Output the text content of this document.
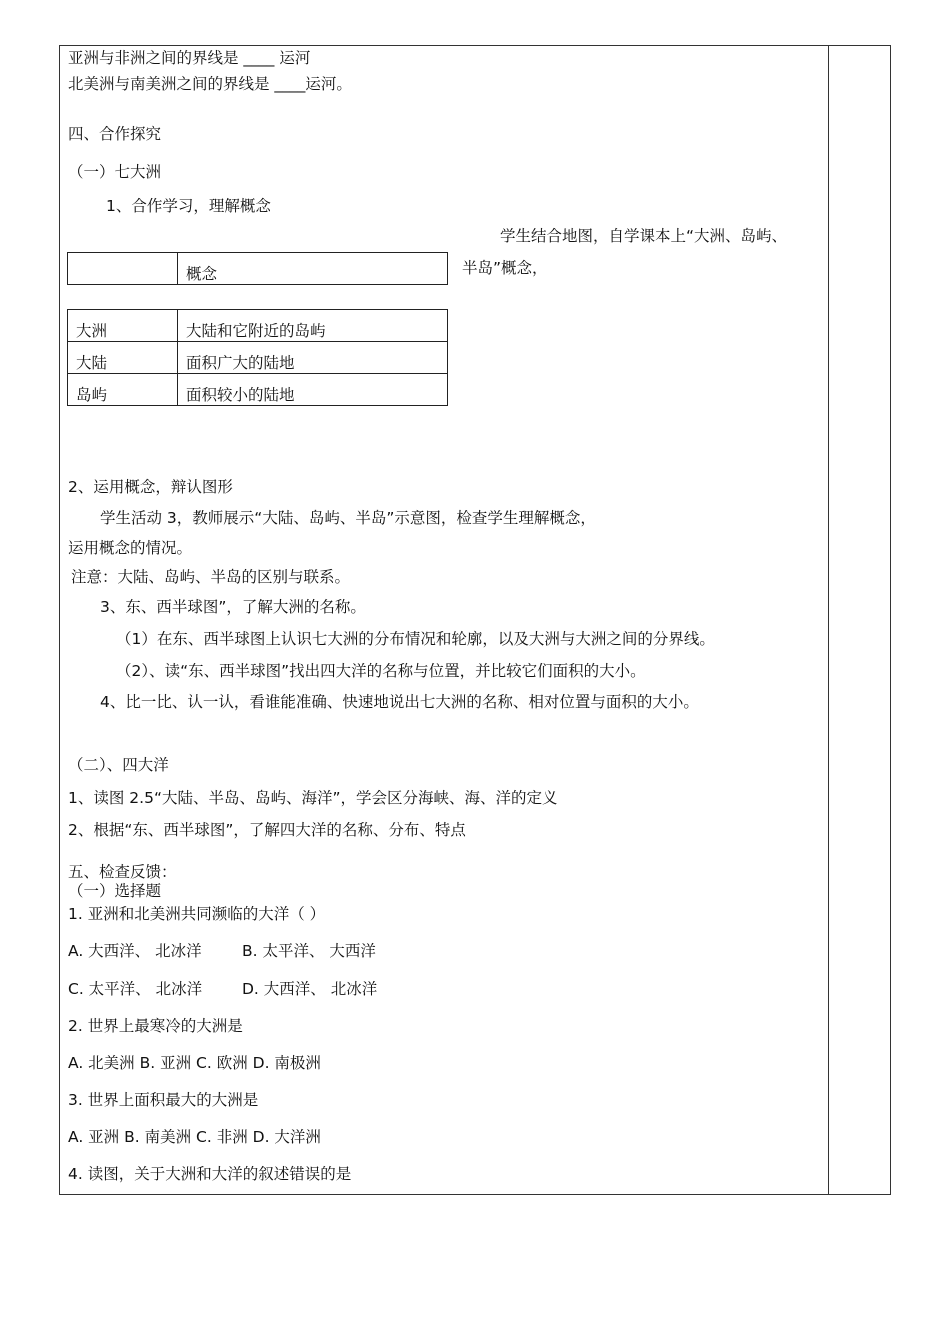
亚洲与非洲之间的界线是 ____ 运河
北美洲与南美洲之间的界线是 ____运河。
四、合作探究
（一）七大洲
1、合作学习，理解概念
学生结合地图，自学课本上“大洲、岛屿、
半岛”概念，
	概念
大洲	大陆和它附近的岛屿
大陆	面积广大的陆地
岛屿	面积较小的陆地
2、运用概念，辩认图形
学生活动 3，教师展示“大陆、岛屿、半岛”示意图，检查学生理解概念，
运用概念的情况。
注意：大陆、岛屿、半岛的区别与联系。
3、东、西半球图”，了解大洲的名称。
（1）在东、西半球图上认识七大洲的分布情况和轮廓，以及大洲与大洲之间的分界线。
（2）、读“东、西半球图”找出四大洋的名称与位置，并比较它们面积的大小。
4、比一比、认一认，看谁能准确、快速地说出七大洲的名称、相对位置与面积的大小。
（二）、四大洋
1、读图 2.5“大陆、半岛、岛屿、海洋”，学会区分海峡、海、洋的定义
2、根据“东、西半球图”，了解四大洋的名称、分布、特点
五、检查反馈：
（一）选择题
1. 亚洲和北美洲共同濒临的大洋（ ）
A. 大西洋、 北冰洋	B. 太平洋、 大西洋
C. 太平洋、 北冰洋	D. 大西洋、 北冰洋
2. 世界上最寒冷的大洲是
A. 北美洲 B. 亚洲 C. 欧洲 D. 南极洲
3. 世界上面积最大的大洲是
A. 亚洲 B. 南美洲 C. 非洲 D. 大洋洲
4. 读图，关于大洲和大洋的叙述错误的是
